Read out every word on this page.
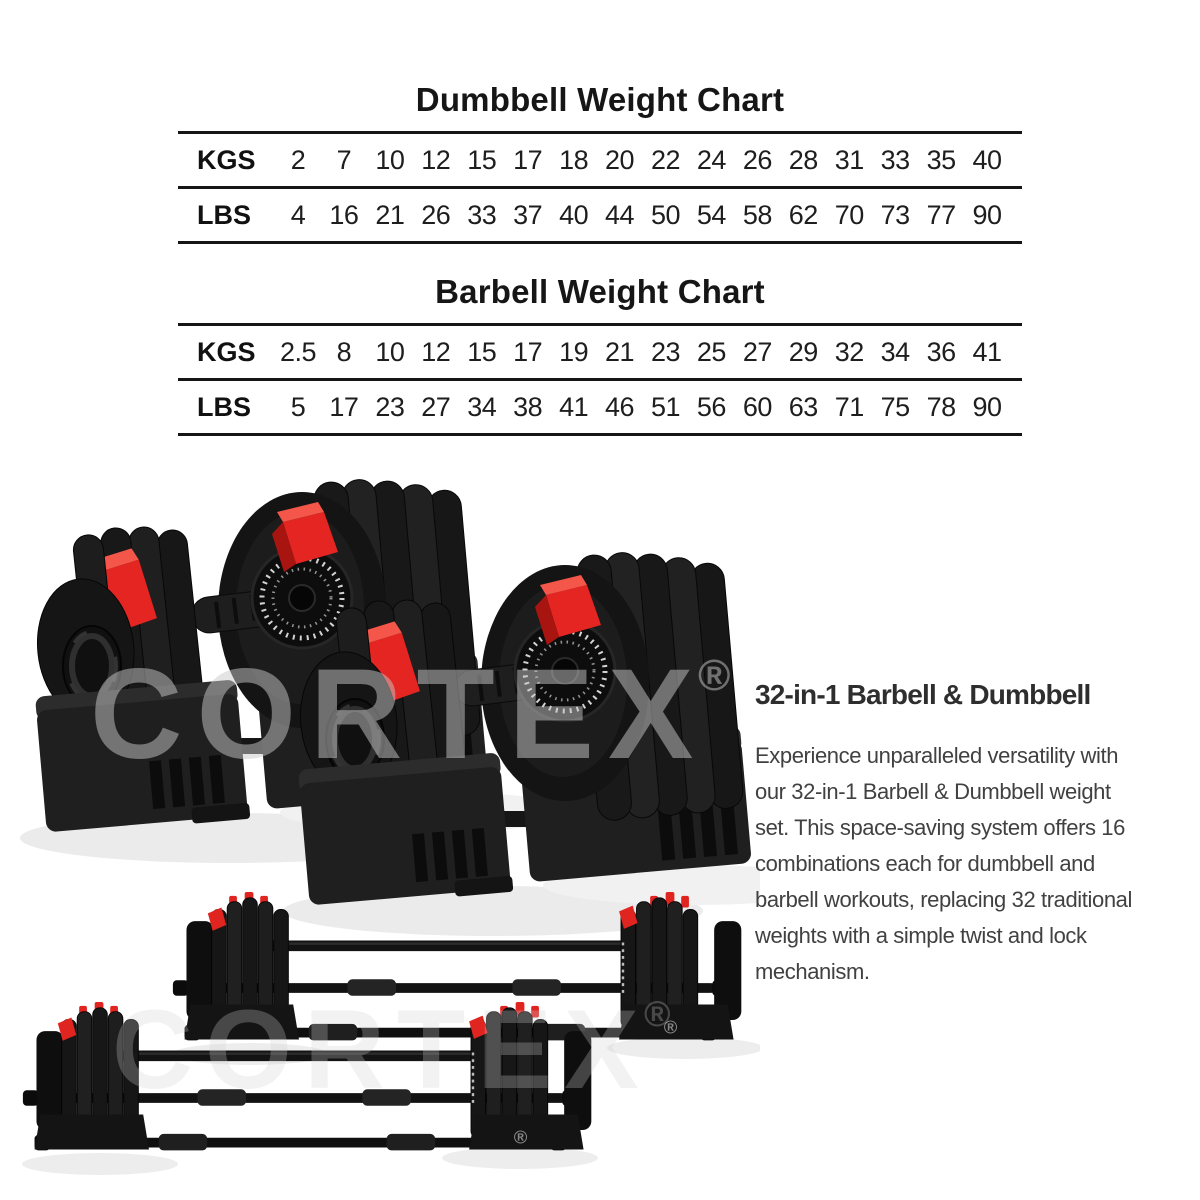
Dumbbell Weight Chart
KGS	2	7 10 12 15 17 18 20 22 24 26 28 31 33 35 40
LBS	4 16 21 26 33 37 40 44 50 54 58 62 70 73 77 90
Barbell Weight Chart
KGS 2.5 8 10 12 15 17 19 21 23 25 27 29 32 34 36 41
LBS	5 17 23 27 34 38 41 46 51 56 60 63 71 75 78 90
®
CORTEX
®
CORTEX
®
32-in-1 Barbell & Dumbbell

Experience unparalleled versatility with

our 32-in-1 Barbell & Dumbbell weight

set. This space-saving system offers 16

combinations each for dumbbell and

barbell workouts, replacing 32 traditional

weights with a simple twist and lock

mechanism.
